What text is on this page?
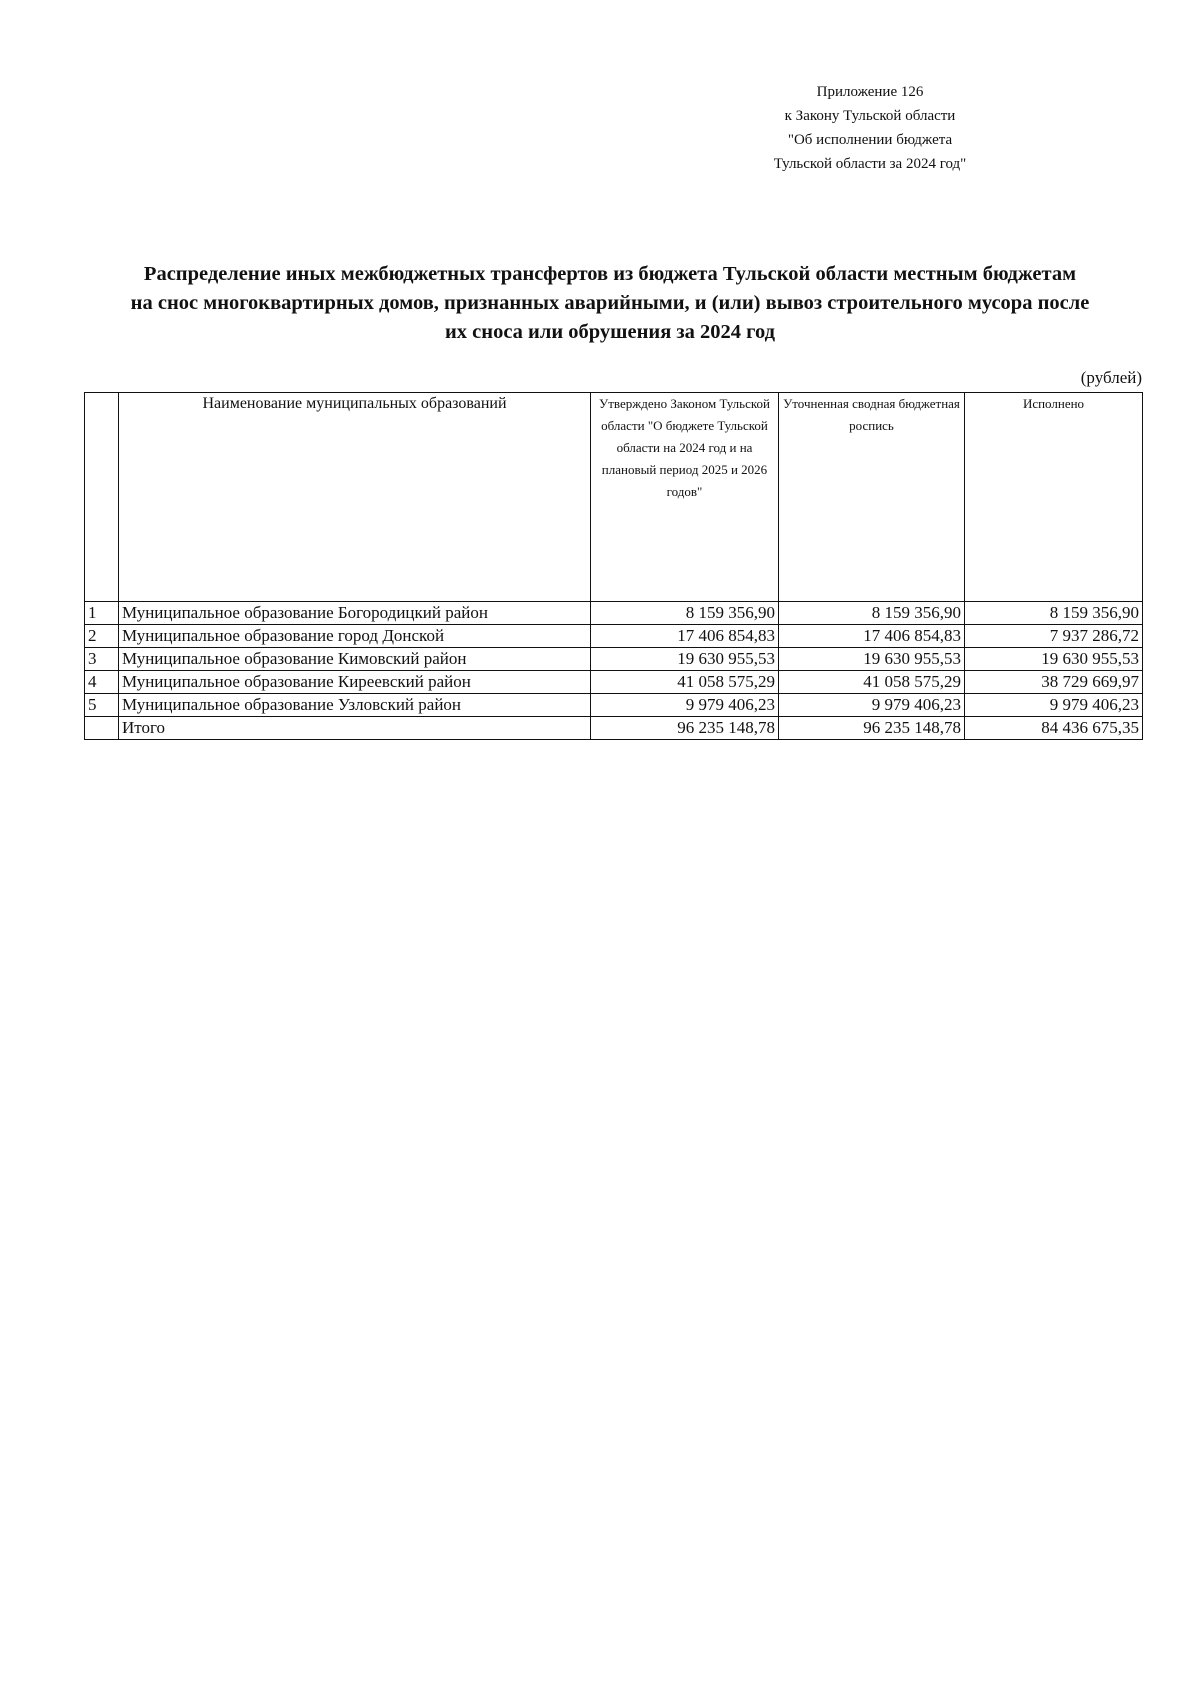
Приложение 126
к Закону Тульской области
"Об исполнении бюджета
Тульской области за 2024 год"
Распределение иных межбюджетных трансфертов из бюджета Тульской области местным бюджетам
на снос многоквартирных домов, признанных аварийными, и (или) вывоз строительного мусора после
их сноса или обрушения за 2024 год
(рублей)
	Наименование муниципальных образований	Утверждено Законом Тульской области "О бюджете Тульской области на 2024 год и на плановый период 2025 и 2026 годов"	Уточненная сводная бюджетная роспись	Исполнено
1	Муниципальное образование Богородицкий район	8 159 356,90	8 159 356,90	8 159 356,90
2	Муниципальное образование город Донской	17 406 854,83	17 406 854,83	7 937 286,72
3	Муниципальное образование Кимовский район	19 630 955,53	19 630 955,53	19 630 955,53
4	Муниципальное образование Киреевский район	41 058 575,29	41 058 575,29	38 729 669,97
5	Муниципальное образование Узловский район	9 979 406,23	9 979 406,23	9 979 406,23
	Итого	96 235 148,78	96 235 148,78	84 436 675,35
